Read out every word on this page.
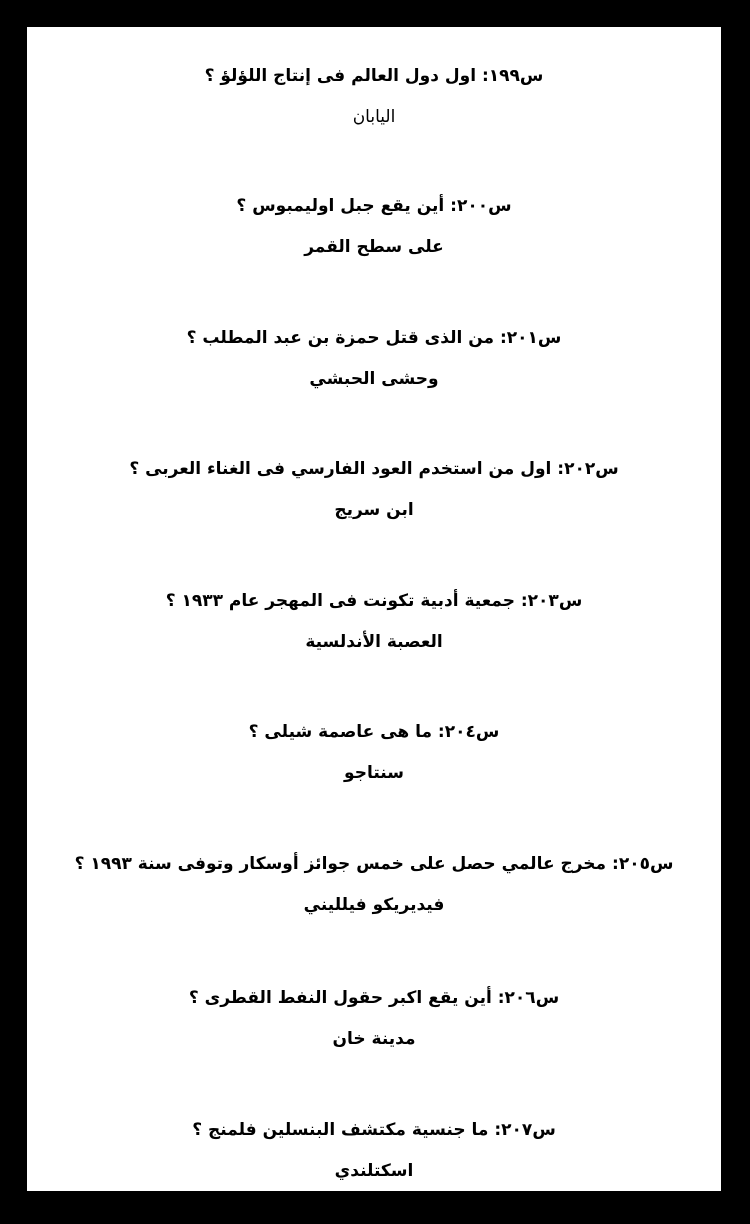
س١٩٩: اول دول العالم فى إنتاج اللؤلؤ ؟
اليابان
س٢٠٠: أين يقع جبل اوليمبوس ؟
على سطح القمر
س٢٠١: من الذى قتل حمزة بن عبد المطلب ؟
وحشى الحبشي
س٢٠٢: اول من استخدم العود الفارسي فى الغناء العربى ؟
ابن سريج
س٢٠٣: جمعية أدبية تكونت فى المهجر عام ١٩٣٣ ؟
العصبة الأندلسية
س٢٠٤: ما هى عاصمة شيلى ؟
سنتاجو
س٢٠٥: مخرج عالمي حصل على خمس جوائز أوسكار وتوفى سنة ١٩٩٣ ؟
فيديريكو فيلليني
س٢٠٦: أين يقع اكبر حقول النفط القطرى ؟
مدينة خان
س٢٠٧: ما جنسية مكتشف البنسلين فلمنج ؟
اسكتلندي
